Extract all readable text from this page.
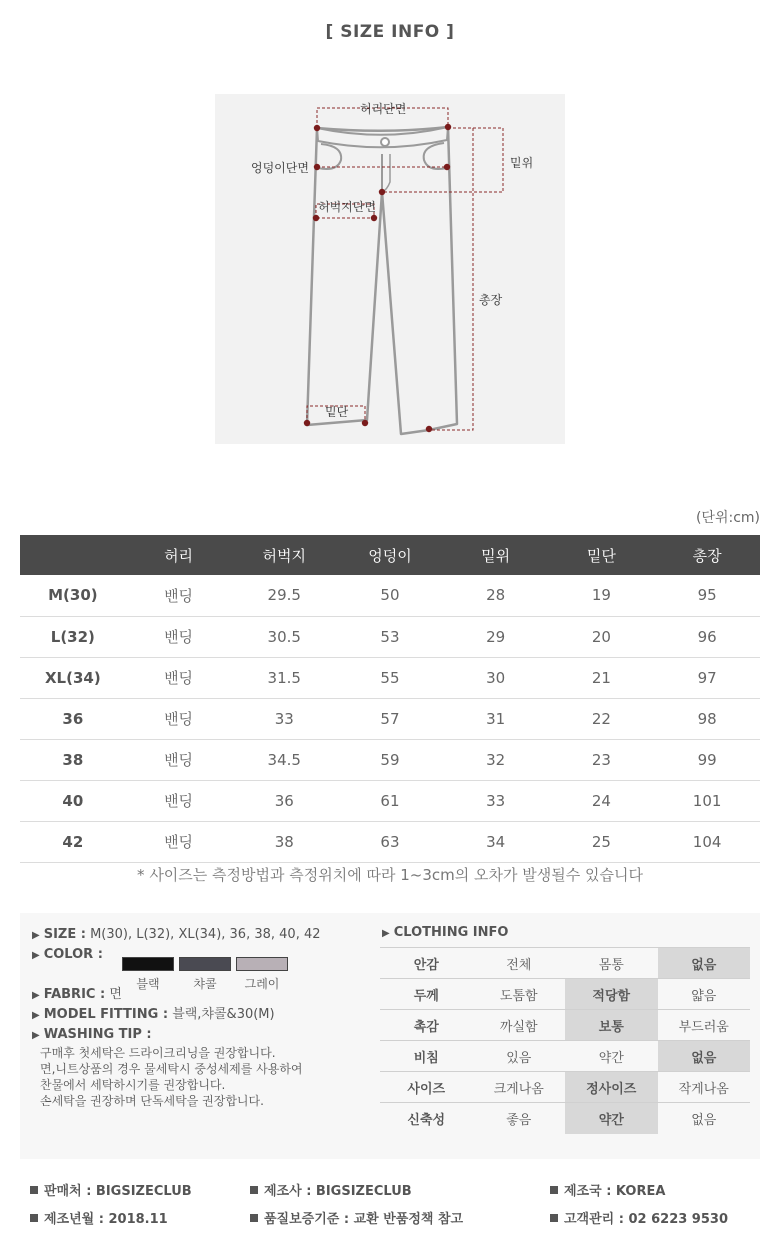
[ SIZE INFO ]
허리단면
엉덩이단면	밑위
허벅지단면
총장
밑단
(단위:cm)
	허리	허벅지	엉덩이	밑위	밑단	총장
M(30)	밴딩	29.5	50	28	19	95
L(32)	밴딩	30.5	53	29	20	96
XL(34)	밴딩	31.5	55	30	21	97
36	밴딩	33	57	31	22	98
38	밴딩	34.5	59	32	23	99
40	밴딩	36	61	33	24	101
42	밴딩	38	63	34	25	104
* 사이즈는 측정방법과 측정위치에 따라 1~3cm의 오차가 발생될수 있습니다
▶ SIZE : M(30), L(32), XL(34), 36, 38, 40, 42
▶ COLOR :
블랙	챠콜	그레이
▶ FABRIC : 면
▶ MODEL FITTING : 블랙,챠콜&30(M)
▶ WASHING TIP :
구매후 첫세탁은 드라이크리닝을 권장합니다.
면,니트상품의 경우 물세탁시 중성세제를 사용하여
찬물에서 세탁하시기를 권장합니다.
손세탁을 권장하며 단독세탁을 권장합니다.
▶ CLOTHING INFO
안감	전체	몸통	없음
두께	도톰함	적당함	얇음
촉감	까실함	보통	부드러움
비침	있음	약간	없음
사이즈	크게나옴	정사이즈	작게나옴
신축성	좋음	약간	없음
판매처 : BIGSIZECLUB	제조사 : BIGSIZECLUB	제조국 : KOREA
제조년월 : 2018.11	품질보증기준 : 교환 반품정책 참고	고객관리 : 02 6223 9530
